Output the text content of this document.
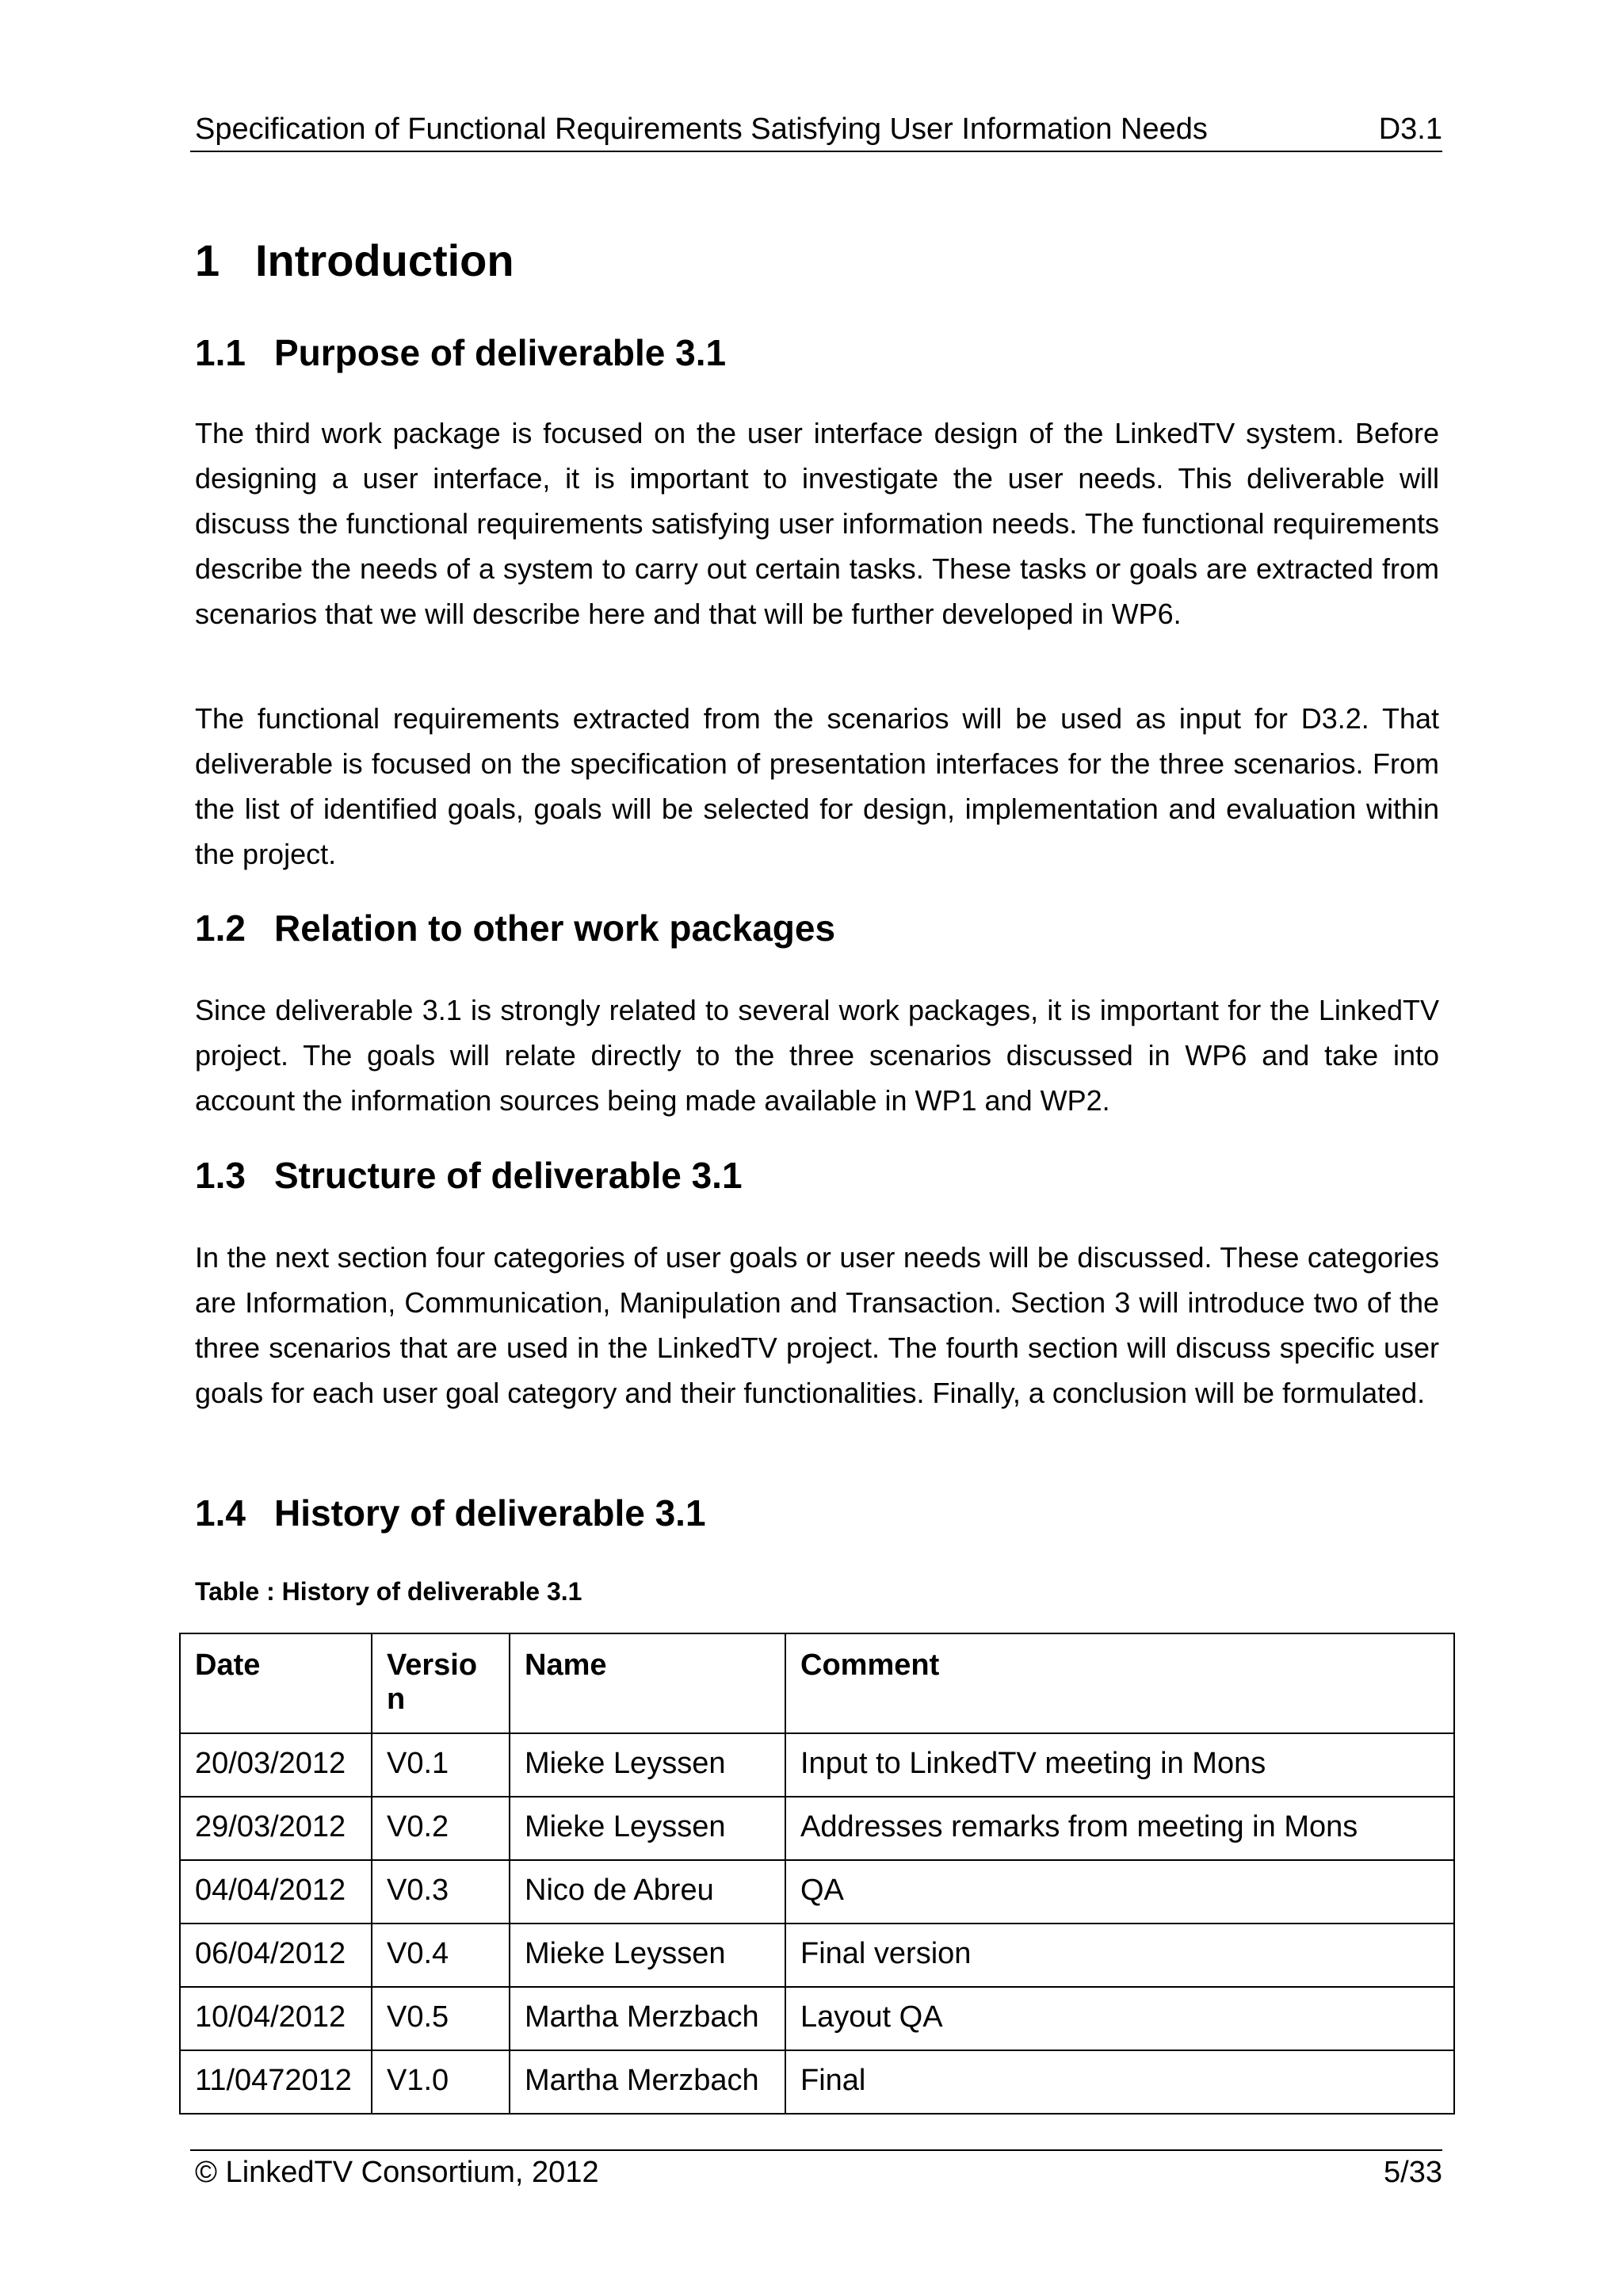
Specification of Functional Requirements Satisfying User Information Needs	D3.1
1 Introduction
1.1 Purpose of deliverable 3.1

The third work package is focused on the user interface design of the LinkedTV system. Before designing a user interface, it is important to investigate the user needs. This deliverable will discuss the functional requirements satisfying user information needs. The functional requirements describe the needs of a system to carry out certain tasks. These tasks or goals are extracted from scenarios that we will describe here and that will be further developed in WP6.

The functional requirements extracted from the scenarios will be used as input for D3.2. That deliverable is focused on the specification of presentation interfaces for the three scenarios. From the list of identified goals, goals will be selected for design, implementation and evaluation within the project.

1.2 Relation to other work packages

Since deliverable 3.1 is strongly related to several work packages, it is important for the LinkedTV project. The goals will relate directly to the three scenarios discussed in WP6 and take into account the information sources being made available in WP1 and WP2.

1.3 Structure of deliverable 3.1

In the next section four categories of user goals or user needs will be discussed. These categories are Information, Communication, Manipulation and Transaction. Section 3 will introduce two of the three scenarios that are used in the LinkedTV project. The fourth section will discuss specific user goals for each user goal category and their functionalities. Finally, a conclusion will be formulated.

1.4 History of deliverable 3.1
Table : History of deliverable 3.1
Date	Version	Name	Comment
20/03/2012	V0.1	Mieke Leyssen	Input to LinkedTV meeting in Mons
29/03/2012	V0.2	Mieke Leyssen	Addresses remarks from meeting in Mons
04/04/2012	V0.3	Nico de Abreu	QA
06/04/2012	V0.4	Mieke Leyssen	Final version
10/04/2012	V0.5	Martha Merzbach	Layout QA
11/0472012	V1.0	Martha Merzbach	Final
© LinkedTV Consortium, 2012	5/33
